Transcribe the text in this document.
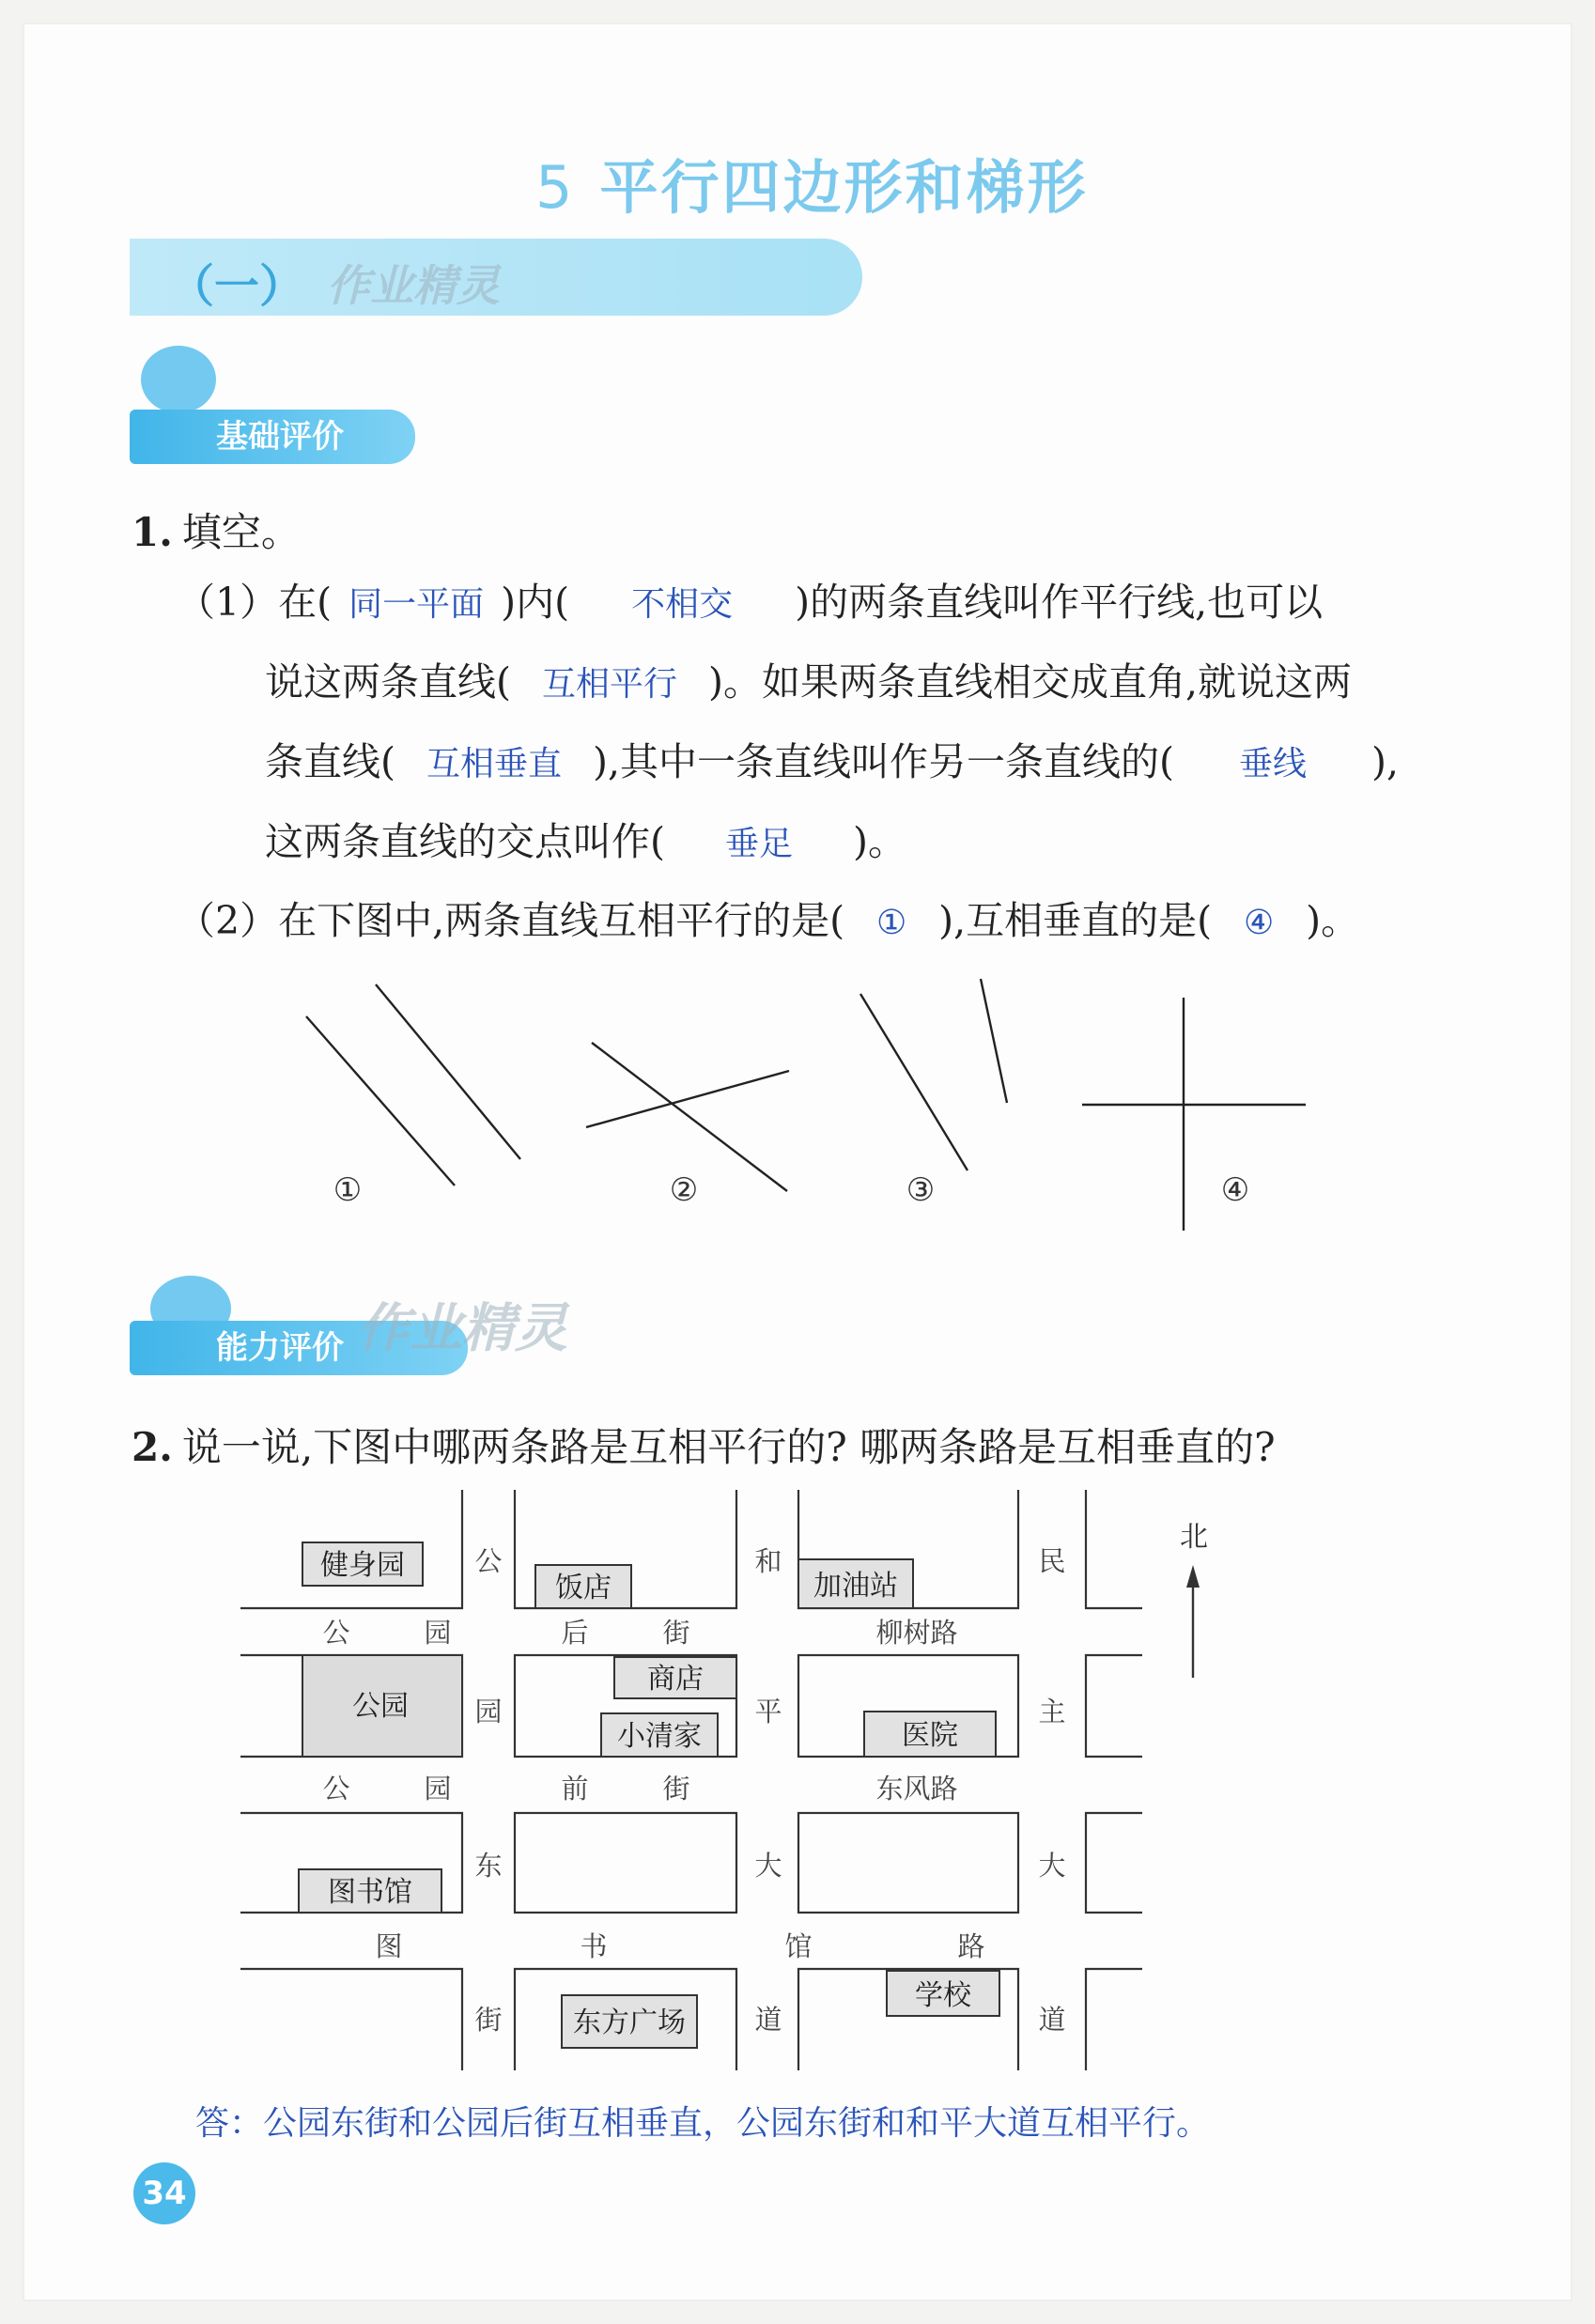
5 平行四边形和梯形
（一） 作业精灵
基础评价
1. 填空。
（1）在( 同一平面 )内( 不相交 )的两条直线叫作平行线,也可以
说这两条直线( 互相平行 )。如果两条直线相交成直角,就说这两
条直线( 互相垂直 ),其中一条直线叫作另一条直线的( 垂线 ),
这两条直线的交点叫作( 垂足 )。
（2）在下图中,两条直线互相平行的是( ① ),互相垂直的是( ④ )。
①	②	③	④
能力评价 作业精灵
2. 说一说,下图中哪两条路是互相平行的? 哪两条路是互相垂直的?
健身园
饭店	加油站
公园
商店
小清家	医院
图书馆
东方广场
学校
公
园
东
街
和
平
大
道
民
主
大
道
公	园	后	街	柳树路
公	园	前	街	东风路
图	书	馆	路
北
答：公园东街和公园后街互相垂直，公园东街和和平大道互相平行。
34
